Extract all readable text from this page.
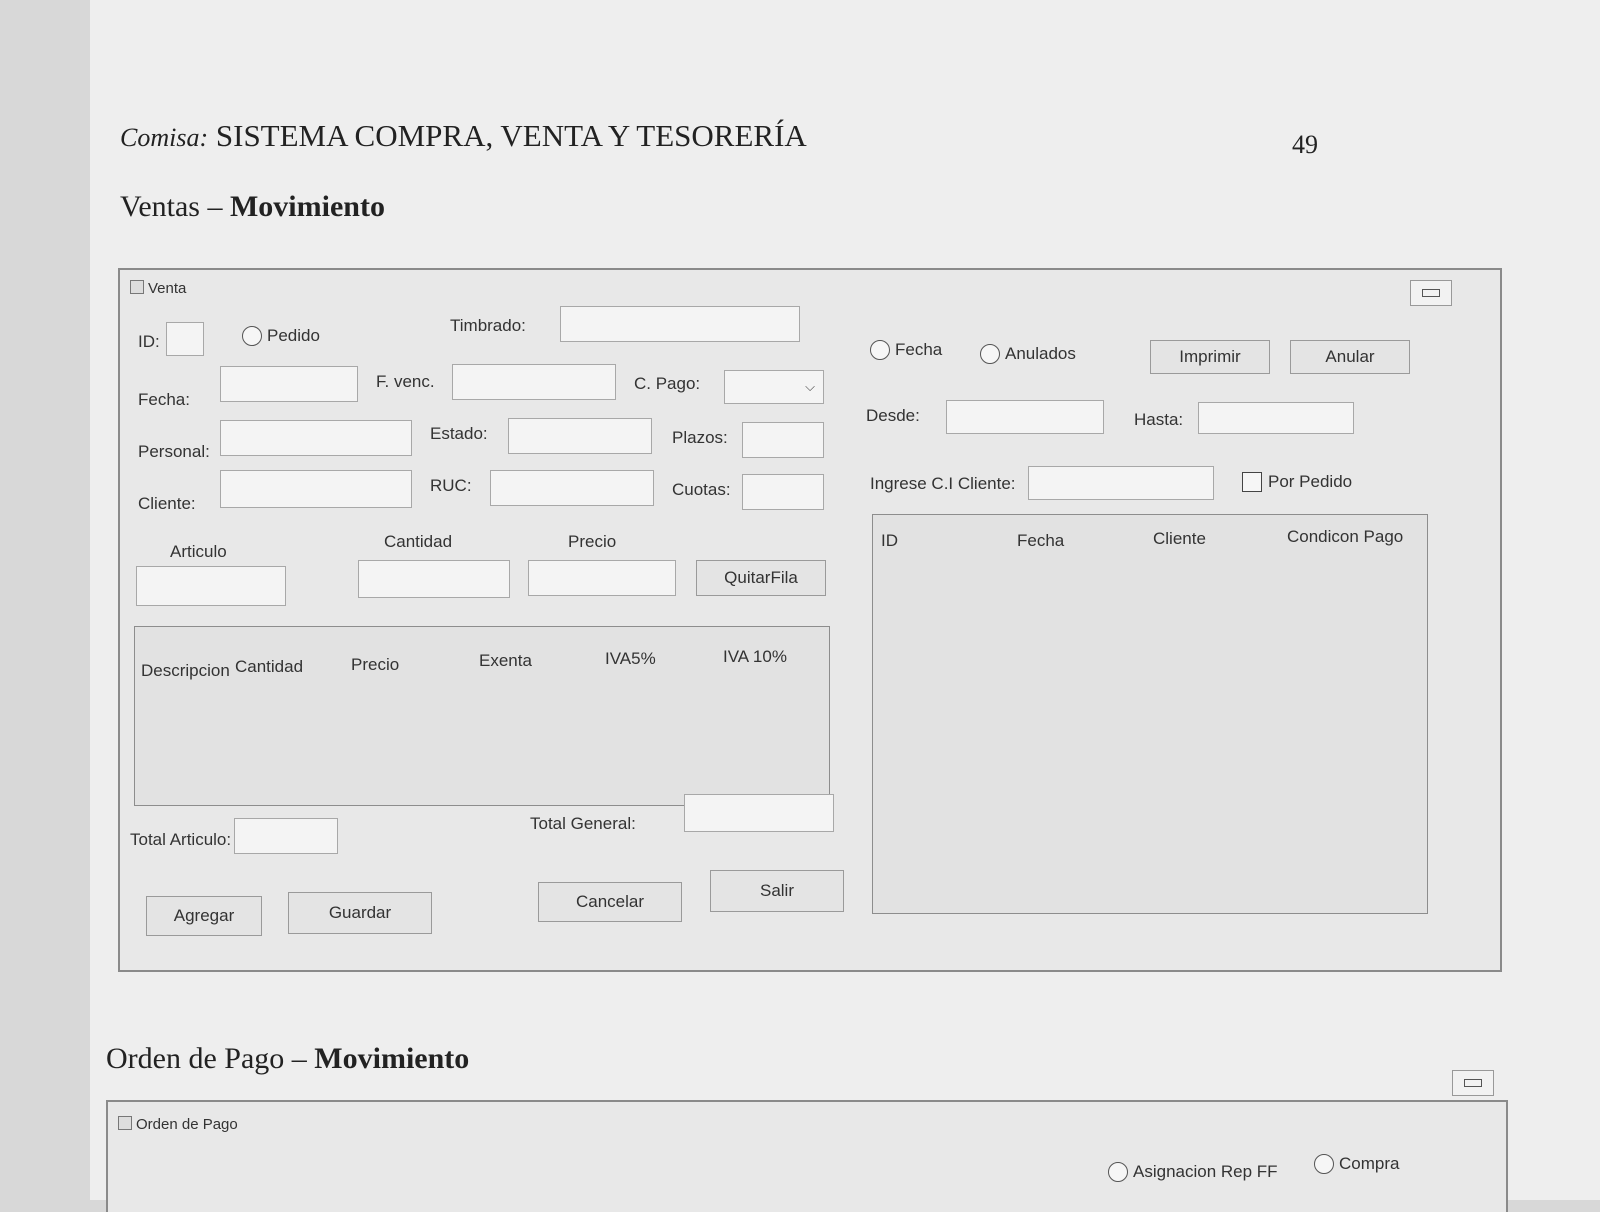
Comisa: SISTEMA COMPRA, VENTA Y TESORERÍA	49
Ventas – Movimiento
Venta
ID:	Pedido
Timbrado:
Fecha:
F. venc.	C. Pago:	⌵
Personal:
Estado:	Plazos:
Cliente:
RUC:	Cuotas:
Articulo
Cantidad	Precio
QuitarFila
Descripcion Cantidad	Precio	Exenta	IVA5%	IVA 10%
Total Articulo:
Total General:
Agregar	Guardar
Cancelar
Salir
Fecha	Anulados	Imprimir	Anular
Desde:	Hasta:
Ingrese C.I Cliente:	Por Pedido
ID	Fecha	Cliente	Condicon Pago
Orden de Pago – Movimiento
Orden de Pago
Asignacion Rep FF	Compra
